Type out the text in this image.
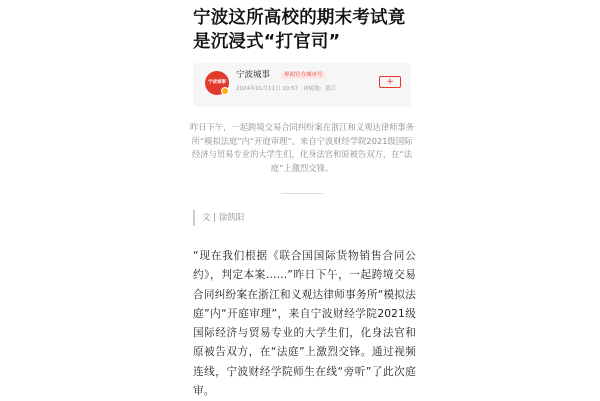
宁波这所高校的期末考试竟是沉浸式“打官司”
宁波城事
宁波城事	界面官方城市号
2024年01月11日 10:57 IP属地：浙江
+
昨日下午，一起跨境交易合同纠纷案在浙江和义观达律师事务所“模拟法庭”内“开庭审理”。来自宁波财经学院2021级国际经济与贸易专业的大学生们，化身法官和原被告双方，在“法庭”上激烈交锋。
文 | 徐凯阳
“现在我们根据《联合国国际货物销售合同公约》，判定本案……”昨日下午，一起跨境交易合同纠纷案在浙江和义观达律师事务所“模拟法庭”内“开庭审理”，来自宁波财经学院2021级国际经济与贸易专业的大学生们，化身法官和原被告双方，在“法庭”上激烈交锋。通过视频连线，宁波财经学院师生在线“旁听”了此次庭审。
